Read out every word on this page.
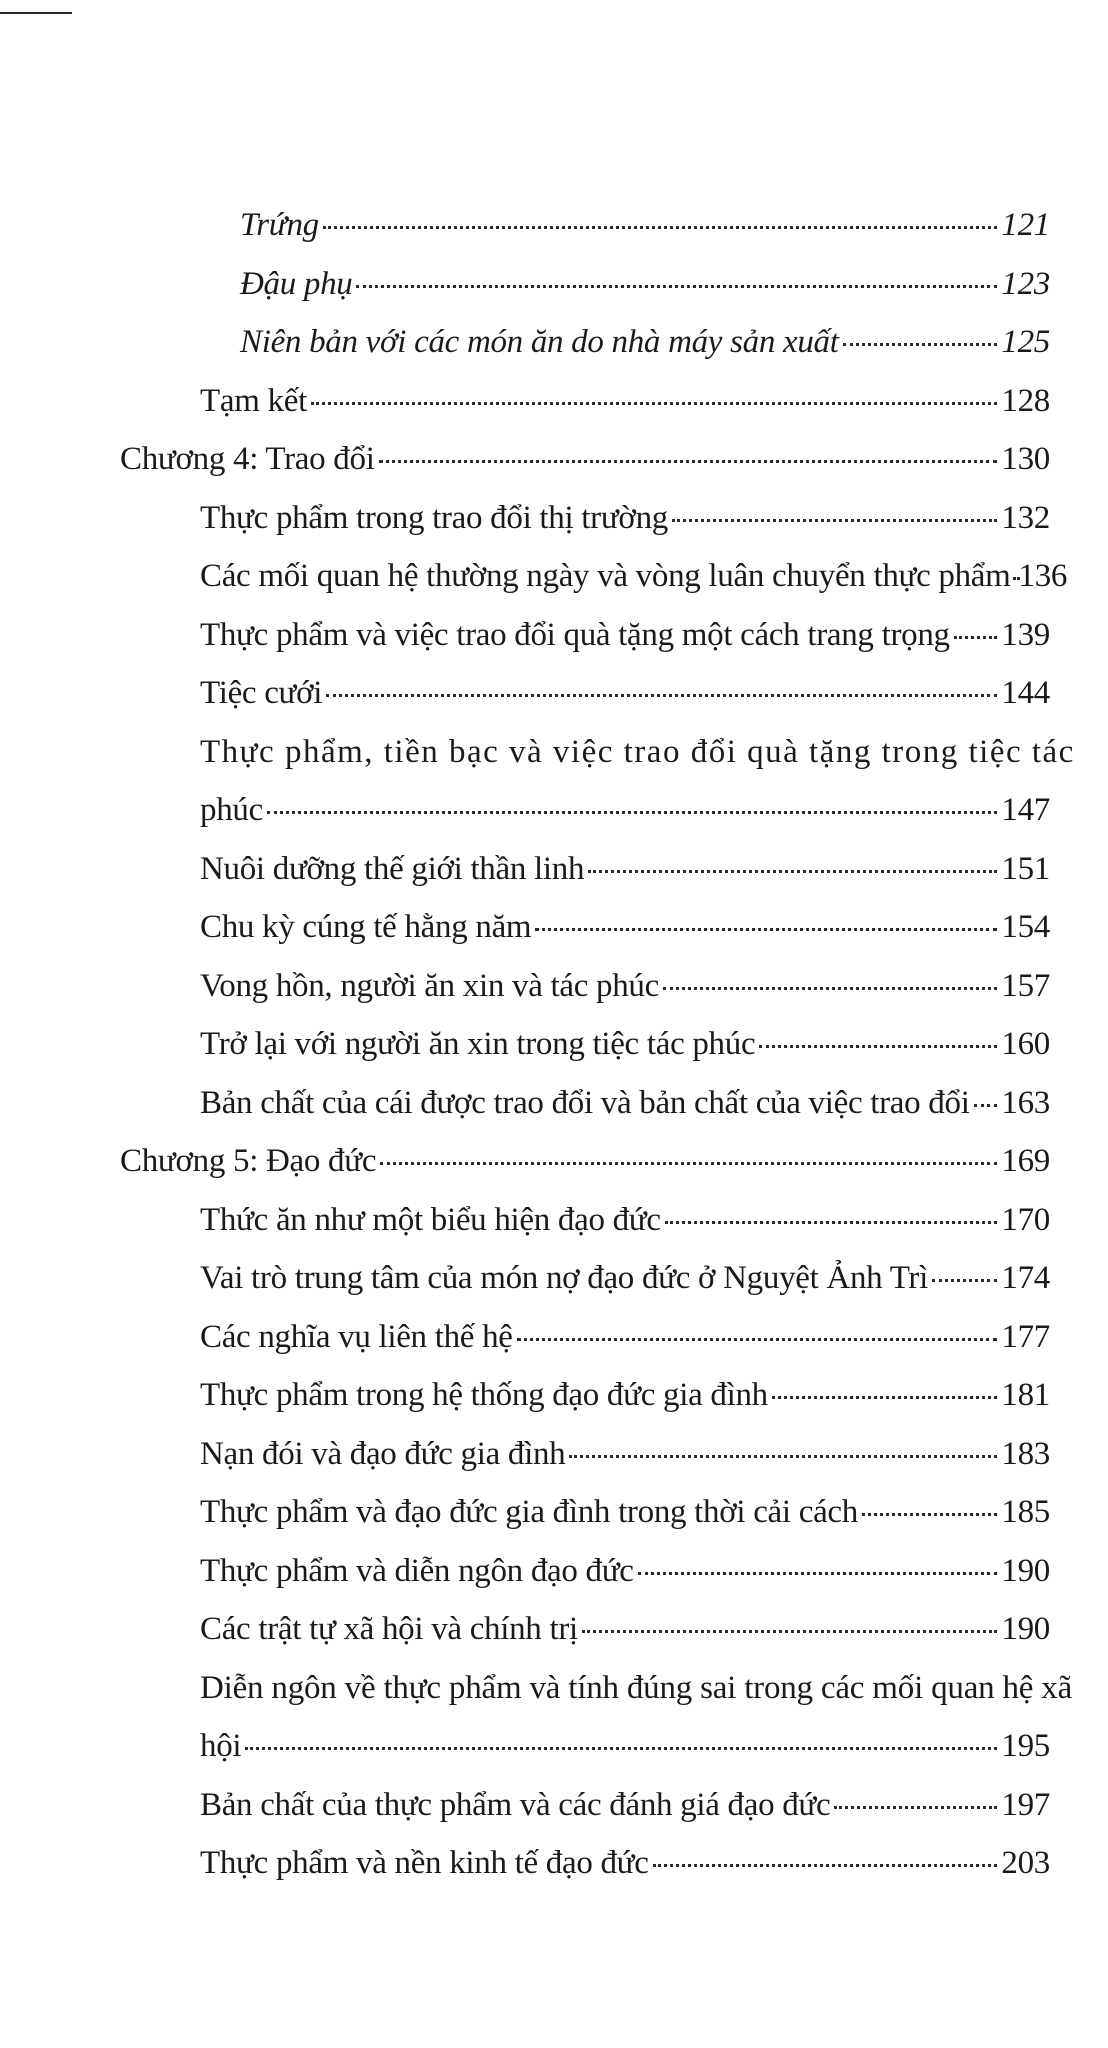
Trứng	121
Đậu phụ	123
Niên bản với các món ăn do nhà máy sản xuất	125
Tạm kết	128
Chương 4: Trao đổi	130
Thực phẩm trong trao đổi thị trường	132
Các mối quan hệ thường ngày và vòng luân chuyển thực phẩm 136
Thực phẩm và việc trao đổi quà tặng một cách trang trọng 139
Tiệc cưới	144
Thực phẩm, tiền bạc và việc trao đổi quà tặng trong tiệc tác
phúc	147
Nuôi dưỡng thế giới thần linh	151
Chu kỳ cúng tế hằng năm	154
Vong hồn, người ăn xin và tác phúc	157
Trở lại với người ăn xin trong tiệc tác phúc	160
Bản chất của cái được trao đổi và bản chất của việc trao đổi 163
Chương 5: Đạo đức	169
Thức ăn như một biểu hiện đạo đức	170
Vai trò trung tâm của món nợ đạo đức ở Nguyệt Ảnh Trì 174
Các nghĩa vụ liên thế hệ	177
Thực phẩm trong hệ thống đạo đức gia đình	181
Nạn đói và đạo đức gia đình	183
Thực phẩm và đạo đức gia đình trong thời cải cách	185
Thực phẩm và diễn ngôn đạo đức	190
Các trật tự xã hội và chính trị	190
Diễn ngôn về thực phẩm và tính đúng sai trong các mối quan hệ xã
hội	195
Bản chất của thực phẩm và các đánh giá đạo đức	197
Thực phẩm và nền kinh tế đạo đức	203
